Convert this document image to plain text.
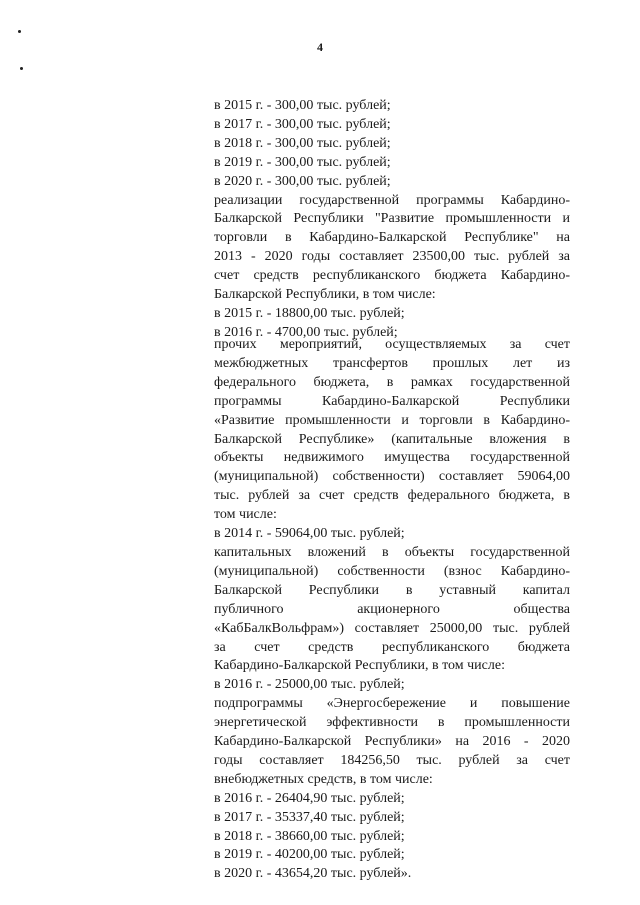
4

в 2015 г. - 300,00 тыс. рублей;

в 2017 г. - 300,00 тыс. рублей;

в 2018 г. - 300,00 тыс. рублей;

в 2019 г. - 300,00 тыс. рублей;

в 2020 г. - 300,00 тыс. рублей;

реализации государственной программы Кабардино-

Балкарской Республики "Развитие промышленности и

торговли в Кабардино-Балкарской Республике" на

2013 - 2020 годы составляет 23500,00 тыс. рублей за

счет средств республиканского бюджета Кабардино-

Балкарской Республики, в том числе:

в 2015 г. - 18800,00 тыс. рублей;

в 2016 г. - 4700,00 тыс. рублей;

прочих мероприятий, осуществляемых за счет

межбюджетных трансфертов прошлых лет из

федерального бюджета, в рамках государственной

программы Кабардино-Балкарской Республики

«Развитие промышленности и торговли в Кабардино-

Балкарской Республике» (капитальные вложения в

объекты недвижимого имущества государственной

(муниципальной) собственности) составляет 59064,00

тыс. рублей за счет средств федерального бюджета, в

том числе:

в 2014 г. - 59064,00 тыс. рублей;

капитальных вложений в объекты государственной

(муниципальной) собственности (взнос Кабардино-

Балкарской Республики в уставный капитал

публичного акционерного общества

«КабБалкВольфрам») составляет 25000,00 тыс. рублей

за счет средств республиканского бюджета

Кабардино-Балкарской Республики, в том числе:

в 2016 г. - 25000,00 тыс. рублей;

подпрограммы «Энергосбережение и повышение

энергетической эффективности в промышленности

Кабардино-Балкарской Республики» на 2016 - 2020

годы составляет 184256,50 тыс. рублей за счет

внебюджетных средств, в том числе:

в 2016 г. - 26404,90 тыс. рублей;

в 2017 г. - 35337,40 тыс. рублей;

в 2018 г. - 38660,00 тыс. рублей;

в 2019 г. - 40200,00 тыс. рублей;

в 2020 г. - 43654,20 тыс. рублей».
